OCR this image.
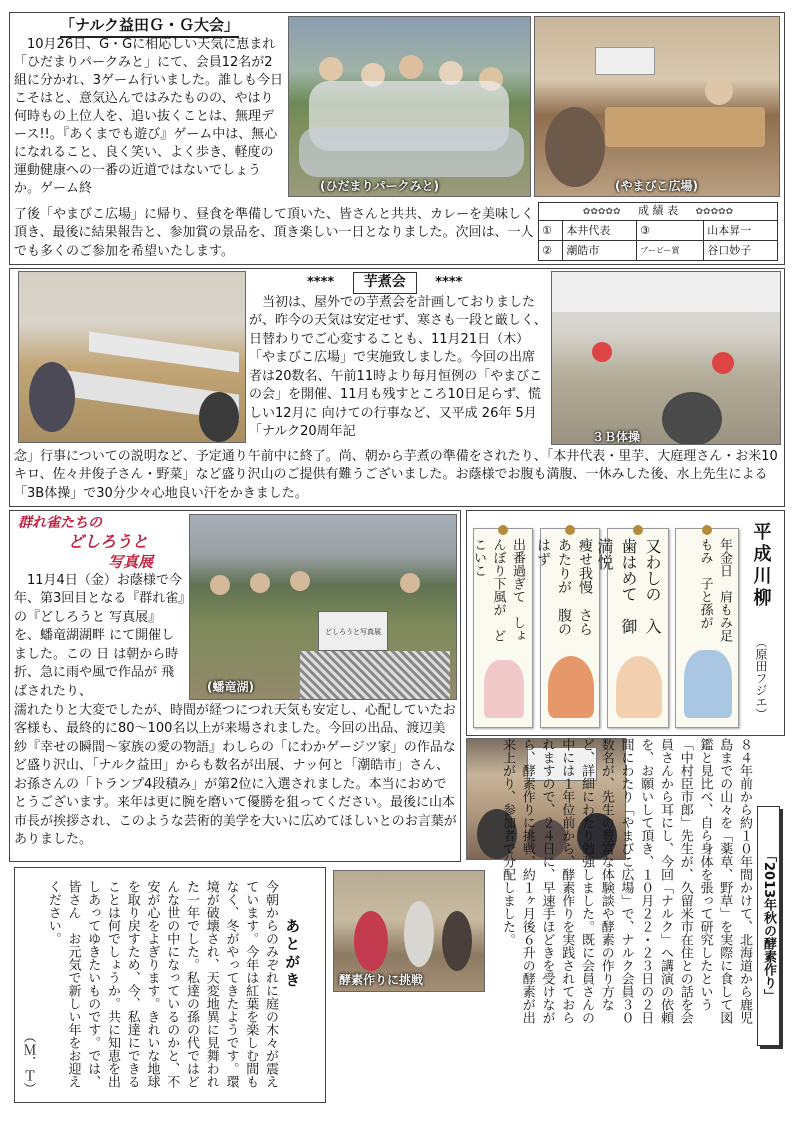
「ナルク益田Ｇ・Ｇ大会」
10月26日、G・Gに相応しい天気に恵まれ「ひだまりパークみと」にて、会員12名が2組に分かれ、3ゲーム行いました。誰しも今日こそはと、意気込んではみたものの、やはり何時もの上位人を、追い抜くことは、無理デース!!。『あくまでも遊び』ゲーム中は、無心になれること、良く笑い、よく歩き、軽度の運動健康への一番の近道ではないでしょうか。ゲーム終	(ひだまりパークみと)	(やまびこ広場)
了後「やまびこ広場」に帰り、昼食を準備して頂いた、皆さんと共共、カレーを美味しく頂き、最後に結果報告と、参加賞の景品を、頂き楽しい一日となりました。次回は、一人でも多くのご参加を希望いたします。
✿✿✿✿✿ 成 績 表 ✿✿✿✿✿
①	本井代表	③	山本昇一
②	潮皓市	ブービー賞	谷口妙子
**** 芋煮会 ****
当初は、屋外での芋煮会を計画しておりましたが、昨今の天気は安定せず、寒さも一段と厳しく、日替わりでご心変することも、11月21日（木）「やまびこ広場」で実施致しました。今回の出席者は20数名、午前11時より毎月恒例の「やまびこの会」を開催、11月も残すところ10日足らず、慌しい12月に 向けての行事など、又平成 26年 5月「ナルク20周年記	３Ｂ体操
念」行事についての説明など、予定通り午前中に終了。尚、朝から芋煮の準備をされたり、「本井代表・里芋、大庭理さん・お米10キロ、佐々井俊子さん・野菜」など盛り沢山のご提供有難うございました。お蔭様でお腹も満腹、一休みした後、水上先生による「3B体操」で30分少々心地良い汗をかきました。
群れ雀たちの
どしろうと
写真展
11月4日（金）お蔭様で今年、第3回目となる『群れ雀』の『どしろうと 写真展』を、蟠竜湖湖畔 にて開催しました。この 日 は朝から時折、急に雨や風で作品が 飛ばされたり、
どしろうと写真展
(蟠竜湖)
濡れたりと大変でしたが、時間が経つにつれ天気も安定し、心配していたお客様も、最終的に80～100名以上が来場されました。今回の出品、渡辺美紗『幸せの瞬間～家族の愛の物語』わしらの「にわかゲージツ家」の作品など盛り沢山、「ナルク益田」からも数名が出展、ナッ何と「潮皓市」さん、お孫さんの「トランプ4段積み」が第2位に入選されました。本当におめでとうございます。来年は更に腕を磨いて優勝を狙ってください。最後に山本市長が挨拶され、このような芸術的美学を大いに広めてほしいとのお言葉がありました。
年金日　肩もみ足もみ　子と孫が
又わしの　入歯はめて　御満悦
瘦せ我慢　さらあたりが　腹のはず
出番過ぎて　しょんぼり下風が　どこいこ	平成川柳
（原田フジエ）
８４年前から約１０年間かけて、北海道から鹿児島までの山々を「薬草、野草」を実際に食して図鑑と見比べ、自ら身体を張って研究したという「中村臣市郎」先生が、久留米市在住との話を会員さんから耳にし、今回「ナルク」へ講演の依頼を、お願いして頂き、１０月２２・２３日の２日間にわたり「やまびこ広場」で、ナルク会員３０数名が、先生の豊富な体験談や酵素の作り方など、詳細にわたり勉強しました。既に会員さんの中には１年位前から、酵素作りを実践されておられますので、２４日に、早速手ほどきを受けながら、酵素作りに挑戦、約１ヶ月後６升の酵素が出来上がり、参加者で分配しました。	「2013年秋の酵素作り」
酵素作りに挑戦
あとがき
今朝からのみぞれに庭の木々が震えています。今年は紅葉を楽しむ間もなく、冬がやってきたようです。環境が破壊され、天変地異に見舞われた一年でした。私達の孫の代ではどんな世の中になっているのかと、不安が心をよぎります。きれいな地球を取り戻すため、今、私達にできることは何でしょうか。共に知恵を出しあってゆきたいものです。では、皆さん　お元気で新しい年をお迎えください。
（Ｍ．Ｔ）
